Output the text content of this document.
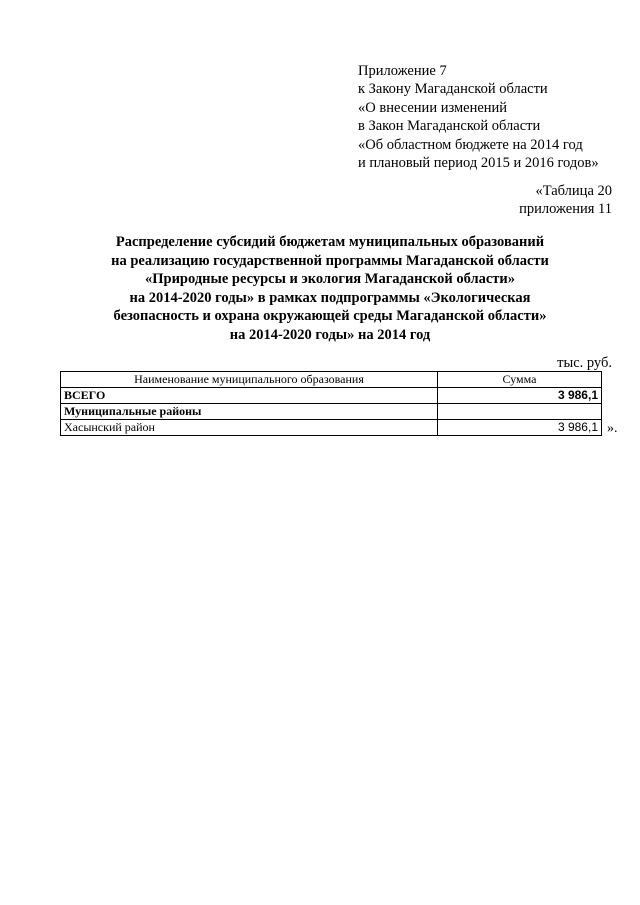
Приложение 7
к Закону Магаданской области
«О внесении изменений
в Закон Магаданской области
«Об областном бюджете на 2014 год
и плановый период 2015 и 2016 годов»
«Таблица 20
приложения 11
Распределение субсидий бюджетам муниципальных образований
на реализацию государственной программы Магаданской области
«Природные ресурсы и экология Магаданской области»
на 2014-2020 годы» в рамках подпрограммы «Экологическая
безопасность и охрана окружающей среды Магаданской области»
на 2014-2020 годы» на 2014 год
тыс. руб.
Наименование муниципального образования	Сумма
ВСЕГО	3 986,1
Муниципальные районы	
Хасынский район	3 986,1 ».
